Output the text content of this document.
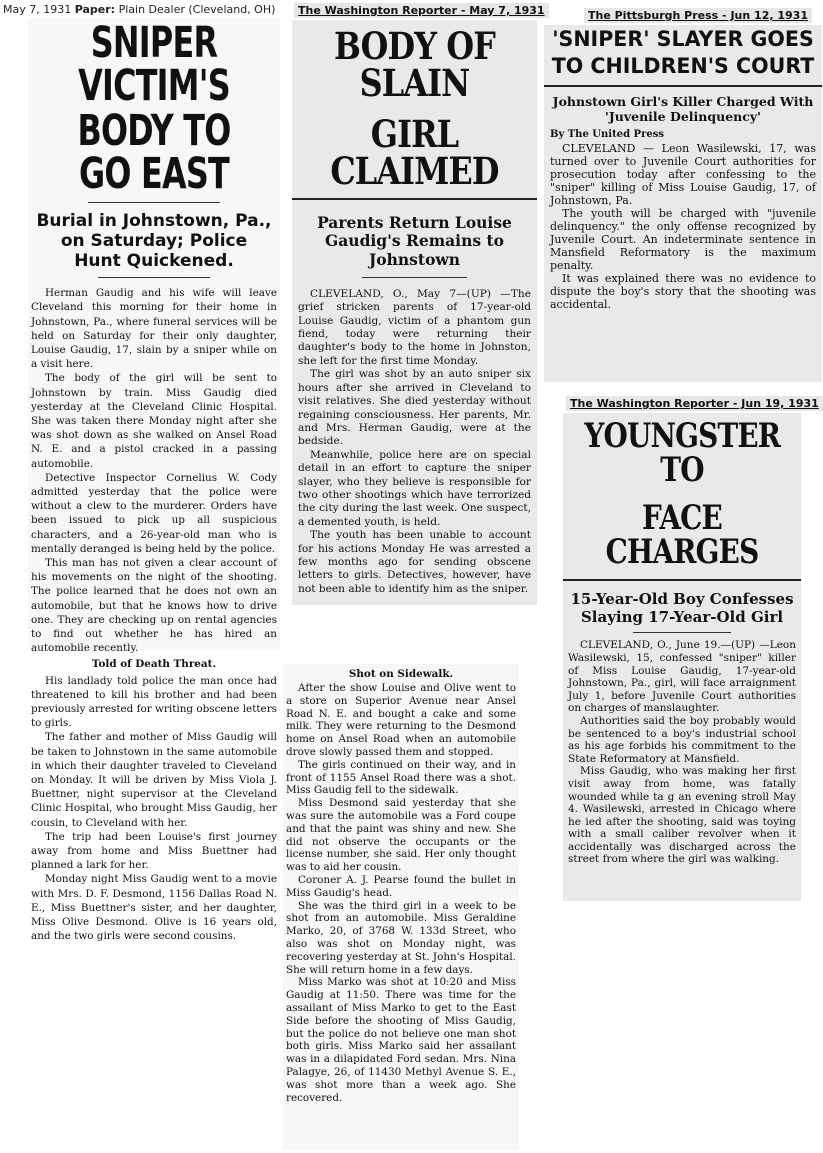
May 7, 1931 Paper: Plain Dealer (Cleveland, OH)
SNIPER VICTIM'S
BODY TO GO EAST
Burial in Johnstown, Pa., on Saturday; Police Hunt Quickened.

Herman Gaudig and his wife will leave Cleveland this morning for their home in Johnstown, Pa., where funeral services will be held on Saturday for their only daughter, Louise Gaudig, 17, slain by a sniper while on a visit here.

The body of the girl will be sent to Johnstown by train. Miss Gaudig died yesterday at the Cleveland Clinic Hospital. She was taken there Monday night after she was shot down as she walked on Ansel Road N. E. and a pistol cracked in a passing automobile.

Detective Inspector Cornelius W. Cody admitted yesterday that the police were without a clew to the murderer. Orders have been issued to pick up all suspicious characters, and a 26-year-old man who is mentally deranged is being held by the police.

This man has not given a clear account of his movements on the night of the shooting. The police learned that he does not own an automobile, but that he knows how to drive one. They are checking up on rental agencies to find out whether he has hired an automobile recently.

Told of Death Threat.

His landlady told police the man once had threatened to kill his brother and had been previously arrested for writing obscene letters to girls.

The father and mother of Miss Gaudig will be taken to Johnstown in the same automobile in which their daughter traveled to Cleveland on Monday. It will be driven by Miss Viola J. Buettner, night supervisor at the Cleveland Clinic Hospital, who brought Miss Gaudig, her cousin, to Cleveland with her.

The trip had been Louise's first journey away from home and Miss Buettner had planned a lark for her.

Monday night Miss Gaudig went to a movie with Mrs. D. F. Desmond, 1156 Dallas Road N. E., Miss Buettner's sister, and her daughter, Miss Olive Desmond. Olive is 16 years old, and the two girls were second cousins.

Shot on Sidewalk.

After the show Louise and Olive went to a store on Superior Avenue near Ansel Road N. E. and bought a cake and some milk. They were returning to the Desmond home on Ansel Road when an automobile drove slowly passed them and stopped.

The girls continued on their way, and in front of 1155 Ansel Road there was a shot. Miss Gaudig fell to the sidewalk.

Miss Desmond said yesterday that she was sure the automobile was a Ford coupe and that the paint was shiny and new. She did not observe the occupants or the license number, she said. Her only thought was to aid her cousin.

Coroner A. J. Pearse found the bullet in Miss Gaudig's head.

She was the third girl in a week to be shot from an automobile. Miss Geraldine Marko, 20, of 3768 W. 133d Street, who also was shot on Monday night, was recovering yesterday at St. John's Hospital. She will return home in a few days.

Miss Marko was shot at 10:20 and Miss Gaudig at 11:50. There was time for the assailant of Miss Marko to get to the East Side before the shooting of Miss Gaudig, but the police do not believe one man shot both girls. Miss Marko said her assailant was in a dilapidated Ford sedan. Mrs. Nina Palagye, 26, of 11430 Methyl Avenue S. E., was shot more than a week ago. She recovered.

The Washington Reporter - May 7, 1931
BODY OF SLAIN
GIRL CLAIMED
Parents Return Louise Gaudig's Remains to Johnstown

CLEVELAND, O., May 7—(UP) —The grief stricken parents of 17-year-old Louise Gaudig, victim of a phantom gun fiend, today were returning their daughter's body to the home in Johnston, she left for the first time Monday.

The girl was shot by an auto sniper six hours after she arrived in Cleveland to visit relatives. She died yesterday without regaining consciousness. Her parents, Mr. and Mrs. Herman Gaudig, were at the bedside.

Meanwhile, police here are on special detail in an effort to capture the sniper slayer, who they believe is responsible for two other shootings which have terrorized the city during the last week. One suspect, a demented youth, is held.

The youth has been unable to account for his actions Monday He was arrested a few months ago for sending obscene letters to girls. Detectives, however, have not been able to identify him as the sniper.

The Pittsburgh Press - Jun 12, 1931
'SNIPER' SLAYER GOES
TO CHILDREN'S COURT
Johnstown Girl's Killer Charged With 'Juvenile Delinquency'
By The United Press

CLEVELAND — Leon Wasilewski, 17, was turned over to Juvenile Court authorities for prosecution today after confessing to the "sniper" killing of Miss Louise Gaudig, 17, of Johnstown, Pa.

The youth will be charged with "juvenile delinquency." the only offense recognized by Juvenile Court. An indeterminate sentence in Mansfield Reformatory is the maximum penalty.

It was explained there was no evidence to dispute the boy's story that the shooting was accidental.

The Washington Reporter - Jun 19, 1931
YOUNGSTER TO
FACE CHARGES
15-Year-Old Boy Confesses Slaying 17-Year-Old Girl

CLEVELAND, O., June 19.—(UP) —Leon Wasilewski, 15, confessed "sniper" killer of Miss Louise Gaudig, 17-year-old Johnstown, Pa., girl, will face arraignment July 1, before Juvenile Court authorities on charges of manslaughter.

Authorities said the boy probably would be sentenced to a boy's industrial school as his age forbids his commitment to the State Reformatory at Mansfield.

Miss Gaudig, who was making her first visit away from home, was fatally wounded while ta g an evening stroll May 4. Wasilewski, arrested in Chicago where he ied after the shooting, said was toying with a small caliber revolver when it accidentally was discharged across the street from where the girl was walking.
